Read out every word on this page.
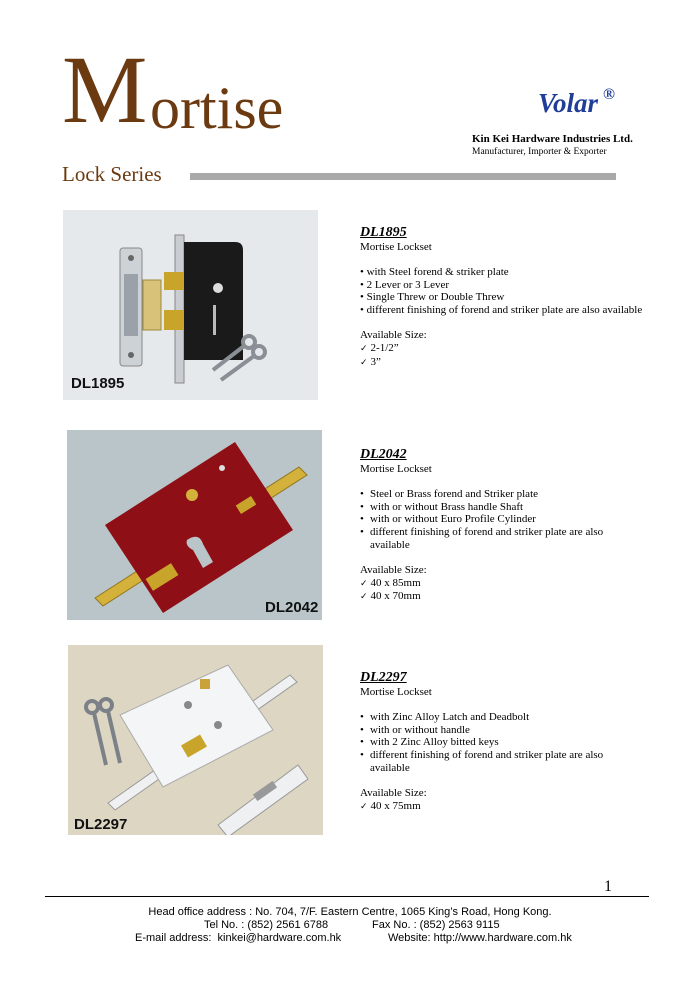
M ortise
Lock Series
Volar ®
Kin Kei Hardware Industries Ltd.
Manufacturer, Importer & Exporter
DL1895
DL1895
Mortise Lockset
• with Steel forend & striker plate
• 2 Lever or 3 Lever
• Single Threw or Double Threw
• different finishing of forend and striker plate are also available
Available Size:
✓ 2-1/2”
✓ 3”
DL2042
DL2042
Mortise Lockset
• Steel or Brass forend and Striker plate
• with or without Brass handle Shaft
• with or without Euro Profile Cylinder
• different finishing of forend and striker plate are also available
Available Size:
✓ 40 x 85mm
✓ 40 x 70mm
DL2297
DL2297
Mortise Lockset
• with Zinc Alloy Latch and Deadbolt
• with or without handle
• with 2 Zinc Alloy bitted keys
• different finishing of forend and striker plate are also available
Available Size:
✓ 40 x 75mm
1
Head office address : No. 704, 7/F. Eastern Centre, 1065 King’s Road, Hong Kong.
Tel No. : (852) 2561 6788	Fax No. : (852) 2563 9115
E-mail address:  kinkei@hardware.com.hk	Website: http://www.hardware.com.hk
